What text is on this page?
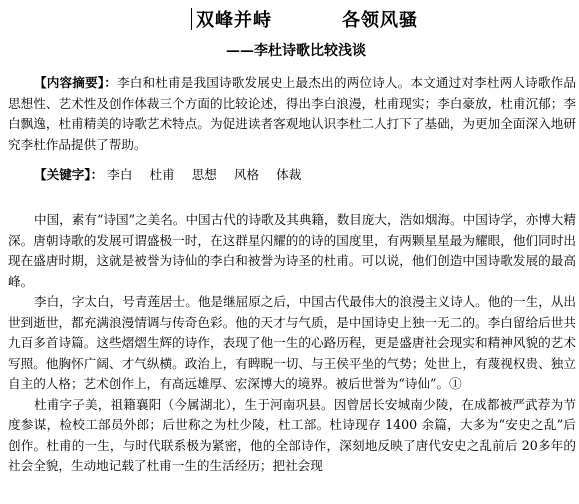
双峰并峙	各领风骚
——李杜诗歌比较浅谈

【内容摘要】：李白和杜甫是我国诗歌发展史上最杰出的两位诗人。本文通过对李杜两人诗歌作品思想性、艺术性及创作体裁三个方面的比较论述，得出李白浪漫，杜甫现实；李白豪放，杜甫沉郁；李白飘逸，杜甫精美的诗歌艺术特点。为促进读者客观地认识李杜二人打下了基础，为更加全面深入地研究李杜作品提供了帮助。

【关键字】： 李白 杜甫 思想 风格 体裁

中国，素有“诗国”之美名。中国古代的诗歌及其典籍，数目庞大，浩如烟海。中国诗学，亦博大精深。唐朝诗歌的发展可谓盛极一时，在这群星闪耀的的诗的国度里，有两颗星星最为耀眼，他们同时出现在盛唐时期，这就是被誉为诗仙的李白和被誉为诗圣的杜甫。可以说，他们创造中国诗歌发展的最高峰。

李白，字太白，号青莲居士。他是继屈原之后，中国古代最伟大的浪漫主义诗人。他的一生，从出世到逝世，都充满浪漫情调与传奇色彩。他的天才与气质，是中国诗史上独一无二的。李白留给后世共九百多首诗篇。这些熠熠生辉的诗作，表现了他一生的心路历程，更是盛唐社会现实和精神风貌的艺术写照。他胸怀广阔、才气纵横。政治上，有睥睨一切、与王侯平坐的气势；处世上，有蔑视权贵、独立自主的人格；艺术创作上，有高远雄厚、宏深博大的境界。被后世誉为“诗仙”。①

杜甫字子美，祖籍襄阳（今属湖北），生于河南巩县。因曾居长安城南少陵，在成都被严武荐为节度参谋，检校工部员外郎；后世称之为杜少陵，杜工部。杜诗现存 1400 余篇，大多为“安史之乱”后创作。杜甫的一生，与时代联系极为紧密，他的全部诗作，深刻地反映了唐代安史之乱前后 20多年的社会全貌，生动地记载了杜甫一生的生活经历；把社会现
